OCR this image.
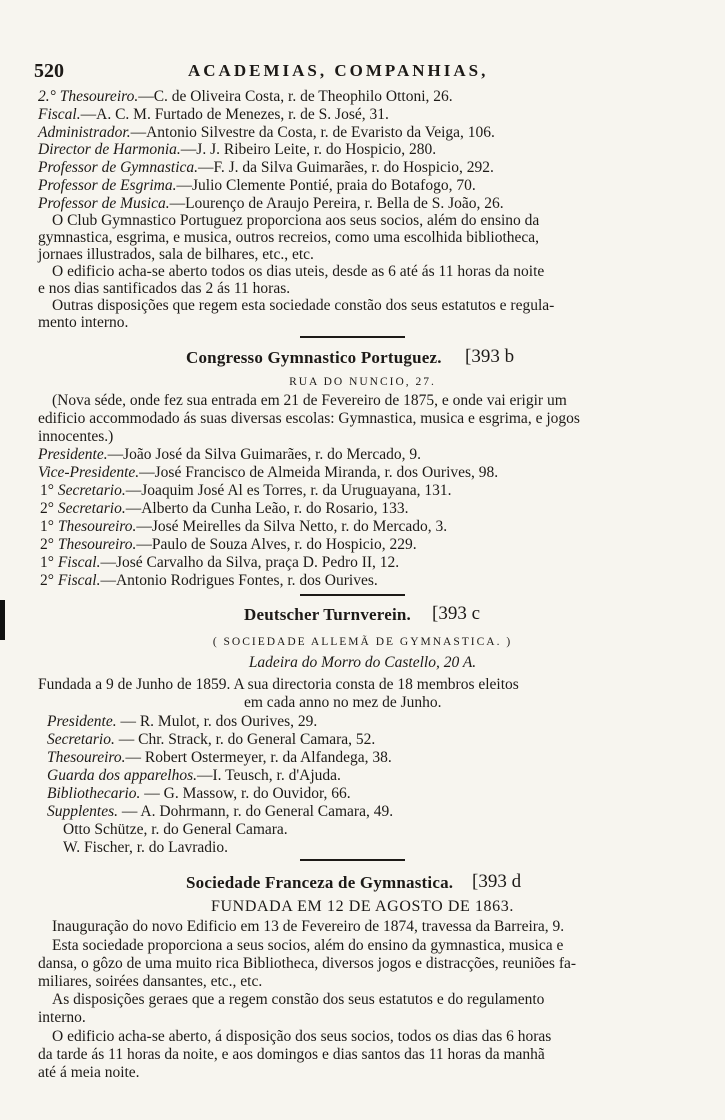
520	ACADEMIAS, COMPANHIAS,
2.° Thesoureiro.—C. de Oliveira Costa, r. de Theophilo Ottoni, 26.
Fiscal.—A. C. M. Furtado de Menezes, r. de S. José, 31.
Administrador.—Antonio Silvestre da Costa, r. de Evaristo da Veiga, 106.
Director de Harmonia.—J. J. Ribeiro Leite, r. do Hospicio, 280.
Professor de Gymnastica.—F. J. da Silva Guimarães, r. do Hospicio, 292.
Professor de Esgrima.—Julio Clemente Pontié, praia do Botafogo, 70.
Professor de Musica.—Lourenço de Araujo Pereira, r. Bella de S. João, 26.
O Club Gymnastico Portuguez proporciona aos seus socios, além do ensino da
gymnastica, esgrima, e musica, outros recreios, como uma escolhida bibliotheca,
jornaes illustrados, sala de bilhares, etc., etc.
O edificio acha-se aberto todos os dias uteis, desde as 6 até ás 11 horas da noite
e nos dias santificados das 2 ás 11 horas.
Outras disposições que regem esta sociedade constão dos seus estatutos e regula-
mento interno.
Congresso Gymnastico Portuguez.	[393 b
RUA DO NUNCIO, 27.
(Nova séde, onde fez sua entrada em 21 de Fevereiro de 1875, e onde vai erigir um
edificio accommodado ás suas diversas escolas: Gymnastica, musica e esgrima, e jogos
innocentes.)
Presidente.—João José da Silva Guimarães, r. do Mercado, 9.
Vice-Presidente.—José Francisco de Almeida Miranda, r. dos Ourives, 98.
1° Secretario.—Joaquim José Al es Torres, r. da Uruguayana, 131.
2° Secretario.—Alberto da Cunha Leão, r. do Rosario, 133.
1° Thesoureiro.—José Meirelles da Silva Netto, r. do Mercado, 3.
2° Thesoureiro.—Paulo de Souza Alves, r. do Hospicio, 229.
1° Fiscal.—José Carvalho da Silva, praça D. Pedro II, 12.
2° Fiscal.—Antonio Rodrigues Fontes, r. dos Ourives.
Deutscher Turnverein.	[393 c
( SOCIEDADE ALLEMÃ DE GYMNASTICA. )
Ladeira do Morro do Castello, 20 A.
Fundada a 9 de Junho de 1859. A sua directoria consta de 18 membros eleitos
em cada anno no mez de Junho.
Presidente. — R. Mulot, r. dos Ourives, 29.
Secretario. — Chr. Strack, r. do General Camara, 52.
Thesoureiro.— Robert Ostermeyer, r. da Alfandega, 38.
Guarda dos apparelhos.—I. Teusch, r. d'Ajuda.
Bibliothecario. — G. Massow, r. do Ouvidor, 66.
Supplentes. — A. Dohrmann, r. do General Camara, 49.
Otto Schütze, r. do General Camara.
W. Fischer, r. do Lavradio.
Sociedade Franceza de Gymnastica. [393 d
FUNDADA EM 12 DE AGOSTO DE 1863.
Inauguração do novo Edificio em 13 de Fevereiro de 1874, travessa da Barreira, 9.
Esta sociedade proporciona a seus socios, além do ensino da gymnastica, musica e
dansa, o gôzo de uma muito rica Bibliotheca, diversos jogos e distracções, reuniões fa-
miliares, soirées dansantes, etc., etc.
As disposições geraes que a regem constão dos seus estatutos e do regulamento
interno.
O edificio acha-se aberto, á disposição dos seus socios, todos os dias das 6 horas
da tarde ás 11 horas da noite, e aos domingos e dias santos das 11 horas da manhã
até á meia noite.
